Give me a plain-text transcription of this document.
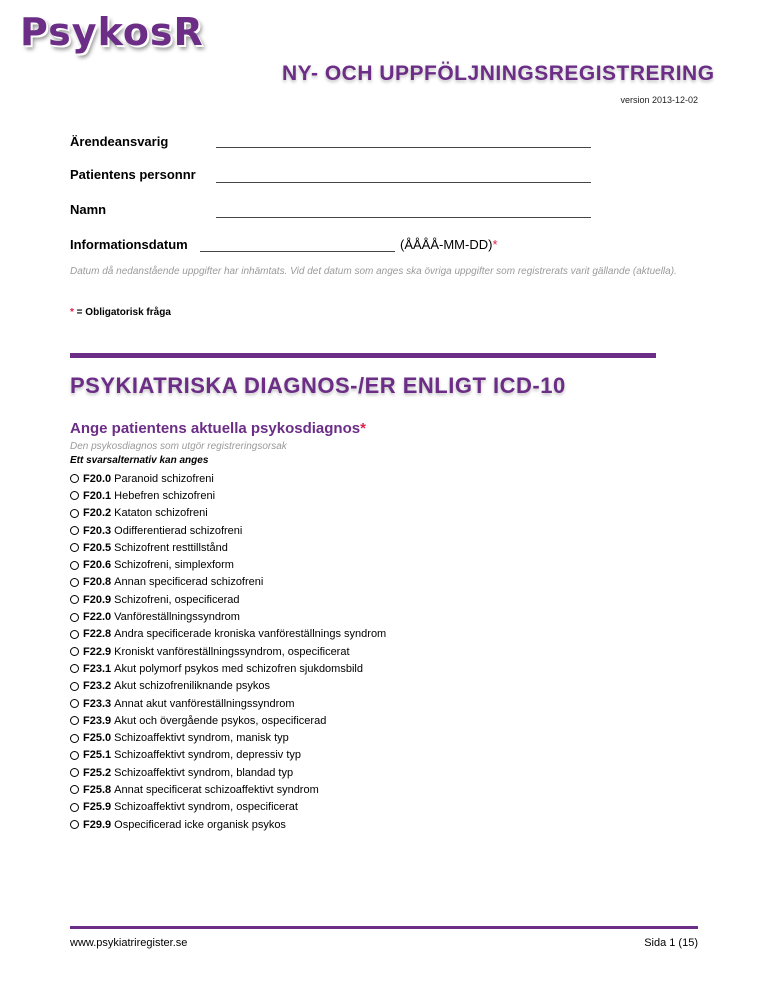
PsykosR
NY- OCH UPPFÖLJNINGSREGISTRERING
version 2013-12-02
Ärendeansvarig
Patientens personnr
Namn
Informationsdatum	(ÅÅÅÅ-MM-DD)*
Datum då nedanstående uppgifter har inhämtats. Vid det datum som anges ska övriga uppgifter som registrerats varit gällande (aktuella).
* = Obligatorisk fråga
PSYKIATRISKA DIAGNOS-/ER ENLIGT ICD-10
Ange patientens aktuella psykosdiagnos*
Den psykosdiagnos som utgör registreringsorsak
Ett svarsalternativ kan anges
F20.0 Paranoid schizofreni
F20.1 Hebefren schizofreni
F20.2 Kataton schizofreni
F20.3 Odifferentierad schizofreni
F20.5 Schizofrent resttillstånd
F20.6 Schizofreni, simplexform
F20.8 Annan specificerad schizofreni
F20.9 Schizofreni, ospecificerad
F22.0 Vanföreställningssyndrom
F22.8 Andra specificerade kroniska vanföreställnings syndrom
F22.9 Kroniskt vanföreställningssyndrom, ospecificerat
F23.1 Akut polymorf psykos med schizofren sjukdomsbild
F23.2 Akut schizofreniliknande psykos
F23.3 Annat akut vanföreställningssyndrom
F23.9 Akut och övergående psykos, ospecificerad
F25.0 Schizoaffektivt syndrom, manisk typ
F25.1 Schizoaffektivt syndrom, depressiv typ
F25.2 Schizoaffektivt syndrom, blandad typ
F25.8 Annat specificerat schizoaffektivt syndrom
F25.9 Schizoaffektivt syndrom, ospecificerat
F29.9 Ospecificerad icke organisk psykos
www.psykiatriregister.se	Sida 1 (15)
